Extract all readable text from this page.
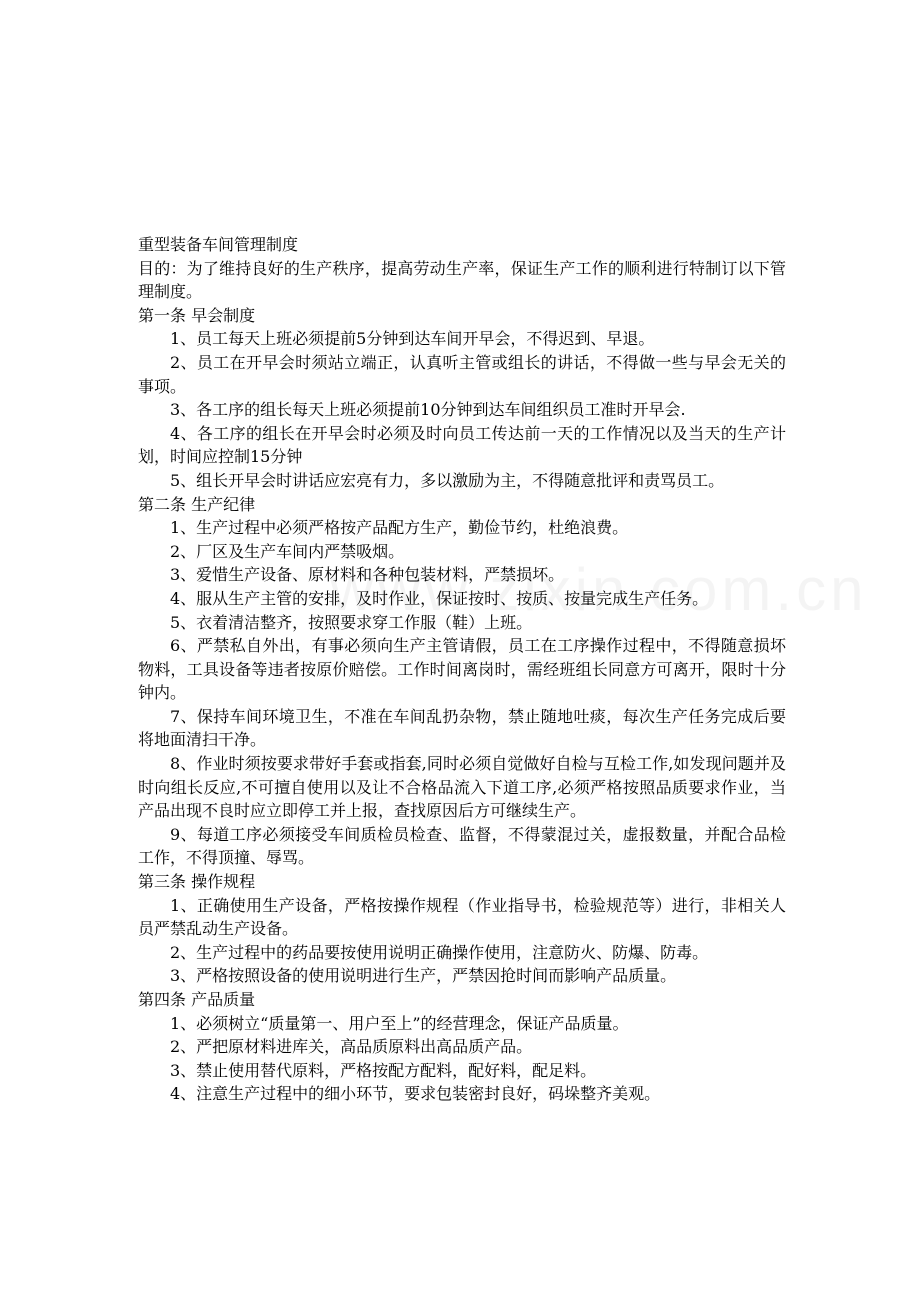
重型装备车间管理制度

目的：为了维持良好的生产秩序，提高劳动生产率，保证生产工作的顺利进行特制订以下管理制度。

第一条 早会制度

1、员工每天上班必须提前5分钟到达车间开早会，不得迟到、早退。

2、员工在开早会时须站立端正，认真听主管或组长的讲话，不得做一些与早会无关的事项。

3、各工序的组长每天上班必须提前10分钟到达车间组织员工准时开早会.

4、各工序的组长在开早会时必须及时向员工传达前一天的工作情况以及当天的生产计划，时间应控制15分钟

5、组长开早会时讲话应宏亮有力，多以激励为主，不得随意批评和责骂员工。

第二条 生产纪律

1、生产过程中必须严格按产品配方生产，勤俭节约，杜绝浪费。

2、厂区及生产车间内严禁吸烟。

3、爱惜生产设备、原材料和各种包装材料，严禁损坏。

4、服从生产主管的安排，及时作业，保证按时、按质、按量完成生产任务。

5、衣着清洁整齐，按照要求穿工作服（鞋）上班。

6、严禁私自外出，有事必须向生产主管请假，员工在工序操作过程中，不得随意损坏物料，工具设备等违者按原价赔偿。工作时间离岗时，需经班组长同意方可离开，限时十分钟内。

7、保持车间环境卫生，不准在车间乱扔杂物，禁止随地吐痰，每次生产任务完成后要将地面清扫干净。

8、作业时须按要求带好手套或指套,同时必须自觉做好自检与互检工作,如发现问题并及时向组长反应,不可擅自使用以及让不合格品流入下道工序,必须严格按照品质要求作业，当产品出现不良时应立即停工并上报，查找原因后方可继续生产。

9、每道工序必须接受车间质检员检查、监督，不得蒙混过关，虚报数量，并配合品检工作，不得顶撞、辱骂。

第三条 操作规程

1、正确使用生产设备，严格按操作规程（作业指导书，检验规范等）进行，非相关人员严禁乱动生产设备。

2、生产过程中的药品要按使用说明正确操作使用，注意防火、防爆、防毒。

3、严格按照设备的使用说明进行生产，严禁因抢时间而影响产品质量。

第四条 产品质量

1、必须树立“质量第一、用户至上”的经营理念，保证产品质量。

2、严把原材料进库关，高品质原料出高品质产品。

3、禁止使用替代原料，严格按配方配料，配好料，配足料。

4、注意生产过程中的细小环节，要求包装密封良好，码垛整齐美观。
